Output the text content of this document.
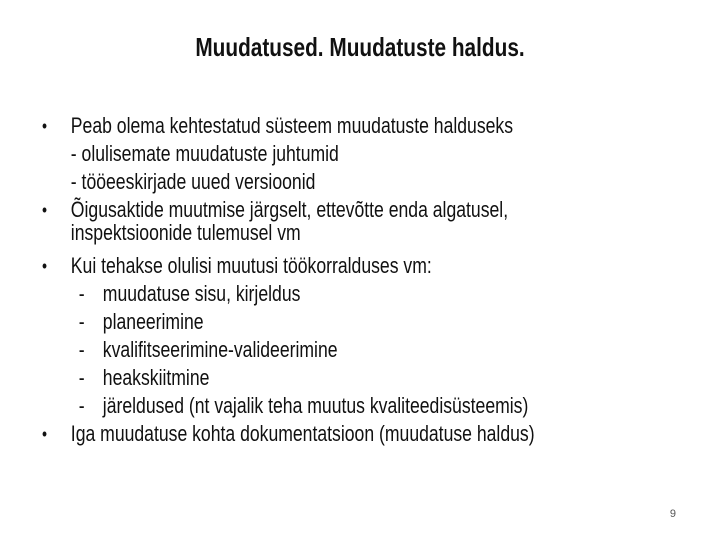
Muudatused. Muudatuste haldus.
• Peab olema kehtestatud süsteem muudatuste halduseks
- olulisemate muudatuste juhtumid
- tööeeskirjade uued versioonid
• Õigusaktide muutmise järgselt, ettevõtte enda algatusel,
inspektsioonide tulemusel vm
• Kui tehakse olulisi muutusi töökorralduses vm:
- muudatuse sisu, kirjeldus
- planeerimine
- kvalifitseerimine-valideerimine
- heakskiitmine
- järeldused (nt vajalik teha muutus kvaliteedisüsteemis)
• Iga muudatuse kohta dokumentatsioon (muudatuse haldus)
9
